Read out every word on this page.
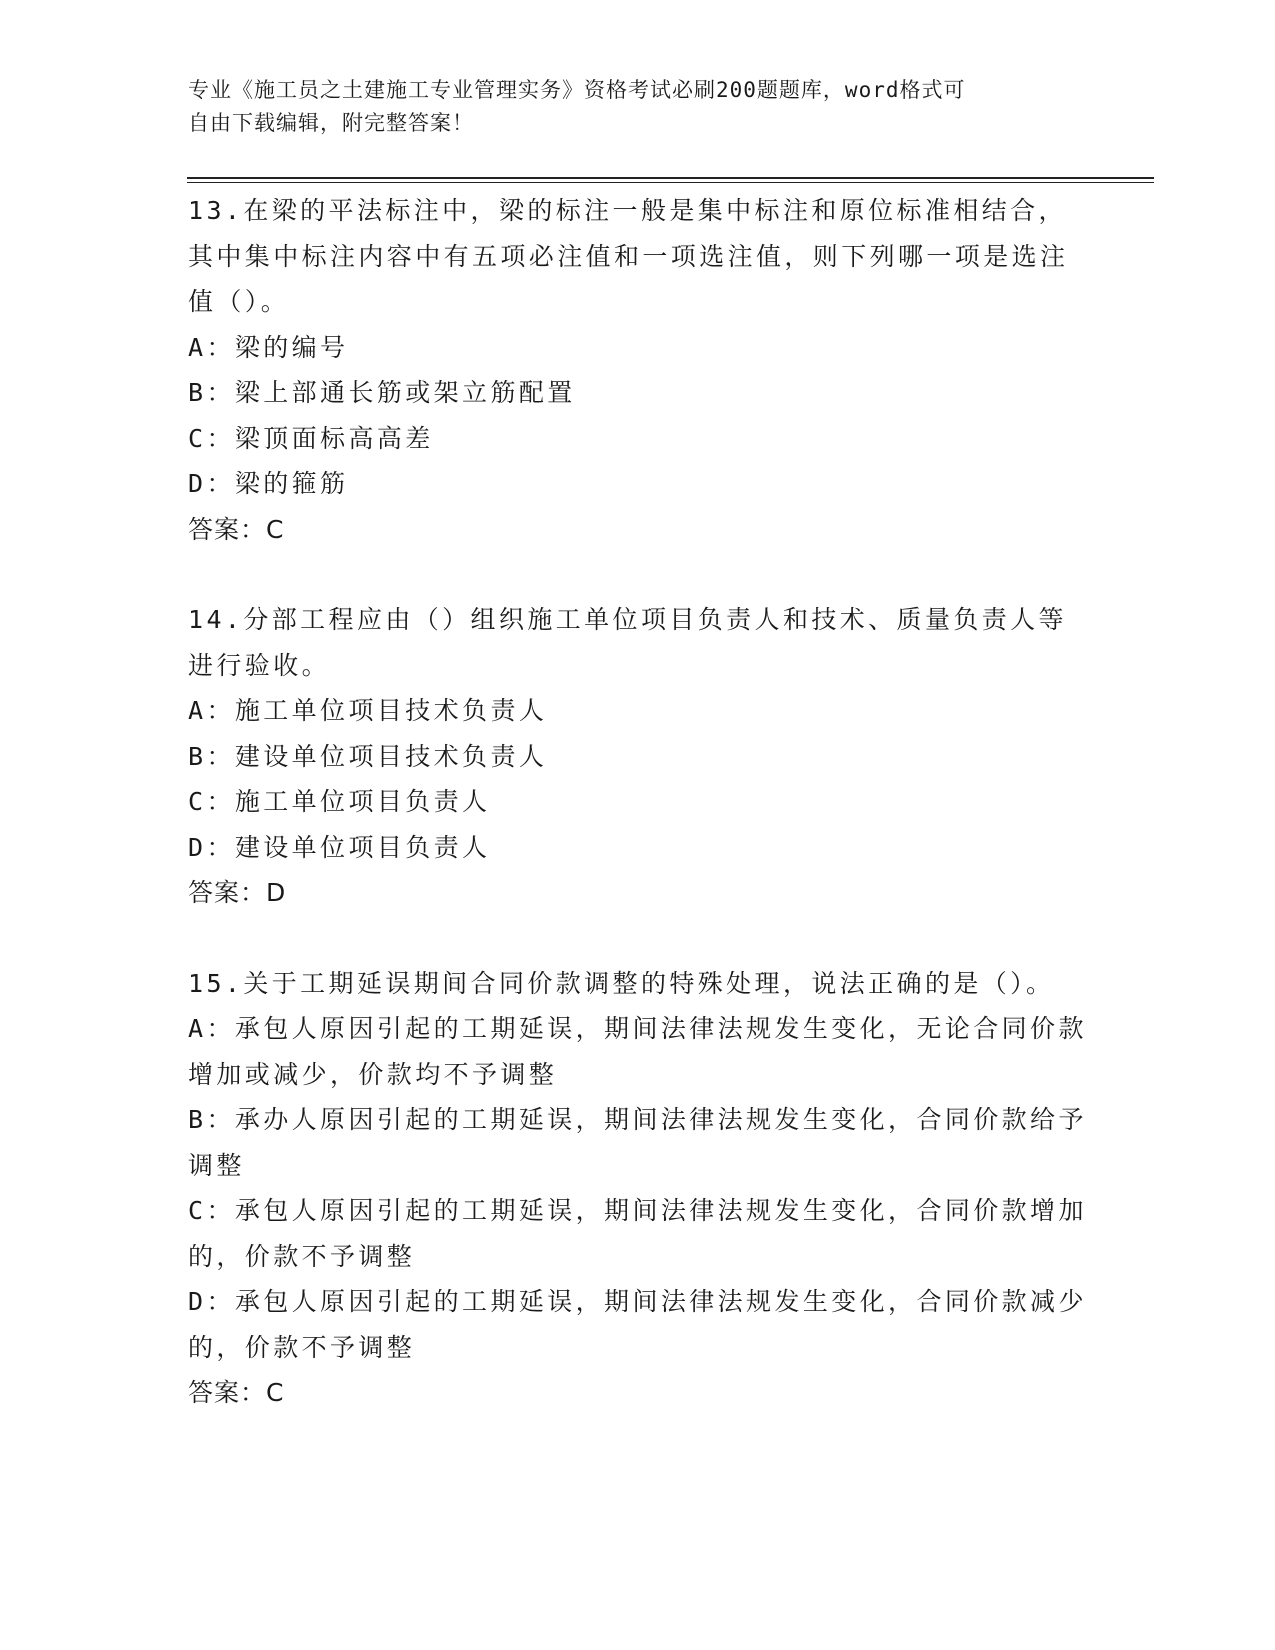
专业《施工员之土建施工专业管理实务》资格考试必刷200题题库，word格式可
自由下载编辑，附完整答案！

13.在梁的平法标注中，梁的标注一般是集中标注和原位标准相结合，其中集中标注内容中有五项必注值和一项选注值，则下列哪一项是选注值（）。

A：梁的编号

B：梁上部通长筋或架立筋配置

C：梁顶面标高高差

D：梁的箍筋

答案：C

14.分部工程应由（）组织施工单位项目负责人和技术、质量负责人等进行验收。

A：施工单位项目技术负责人

B：建设单位项目技术负责人

C：施工单位项目负责人

D：建设单位项目负责人

答案：D

15.关于工期延误期间合同价款调整的特殊处理，说法正确的是（）。

A：承包人原因引起的工期延误，期间法律法规发生变化，无论合同价款增加或减少，价款均不予调整

B：承办人原因引起的工期延误，期间法律法规发生变化，合同价款给予调整

C：承包人原因引起的工期延误，期间法律法规发生变化，合同价款增加的，价款不予调整

D：承包人原因引起的工期延误，期间法律法规发生变化，合同价款减少的，价款不予调整

答案：C
